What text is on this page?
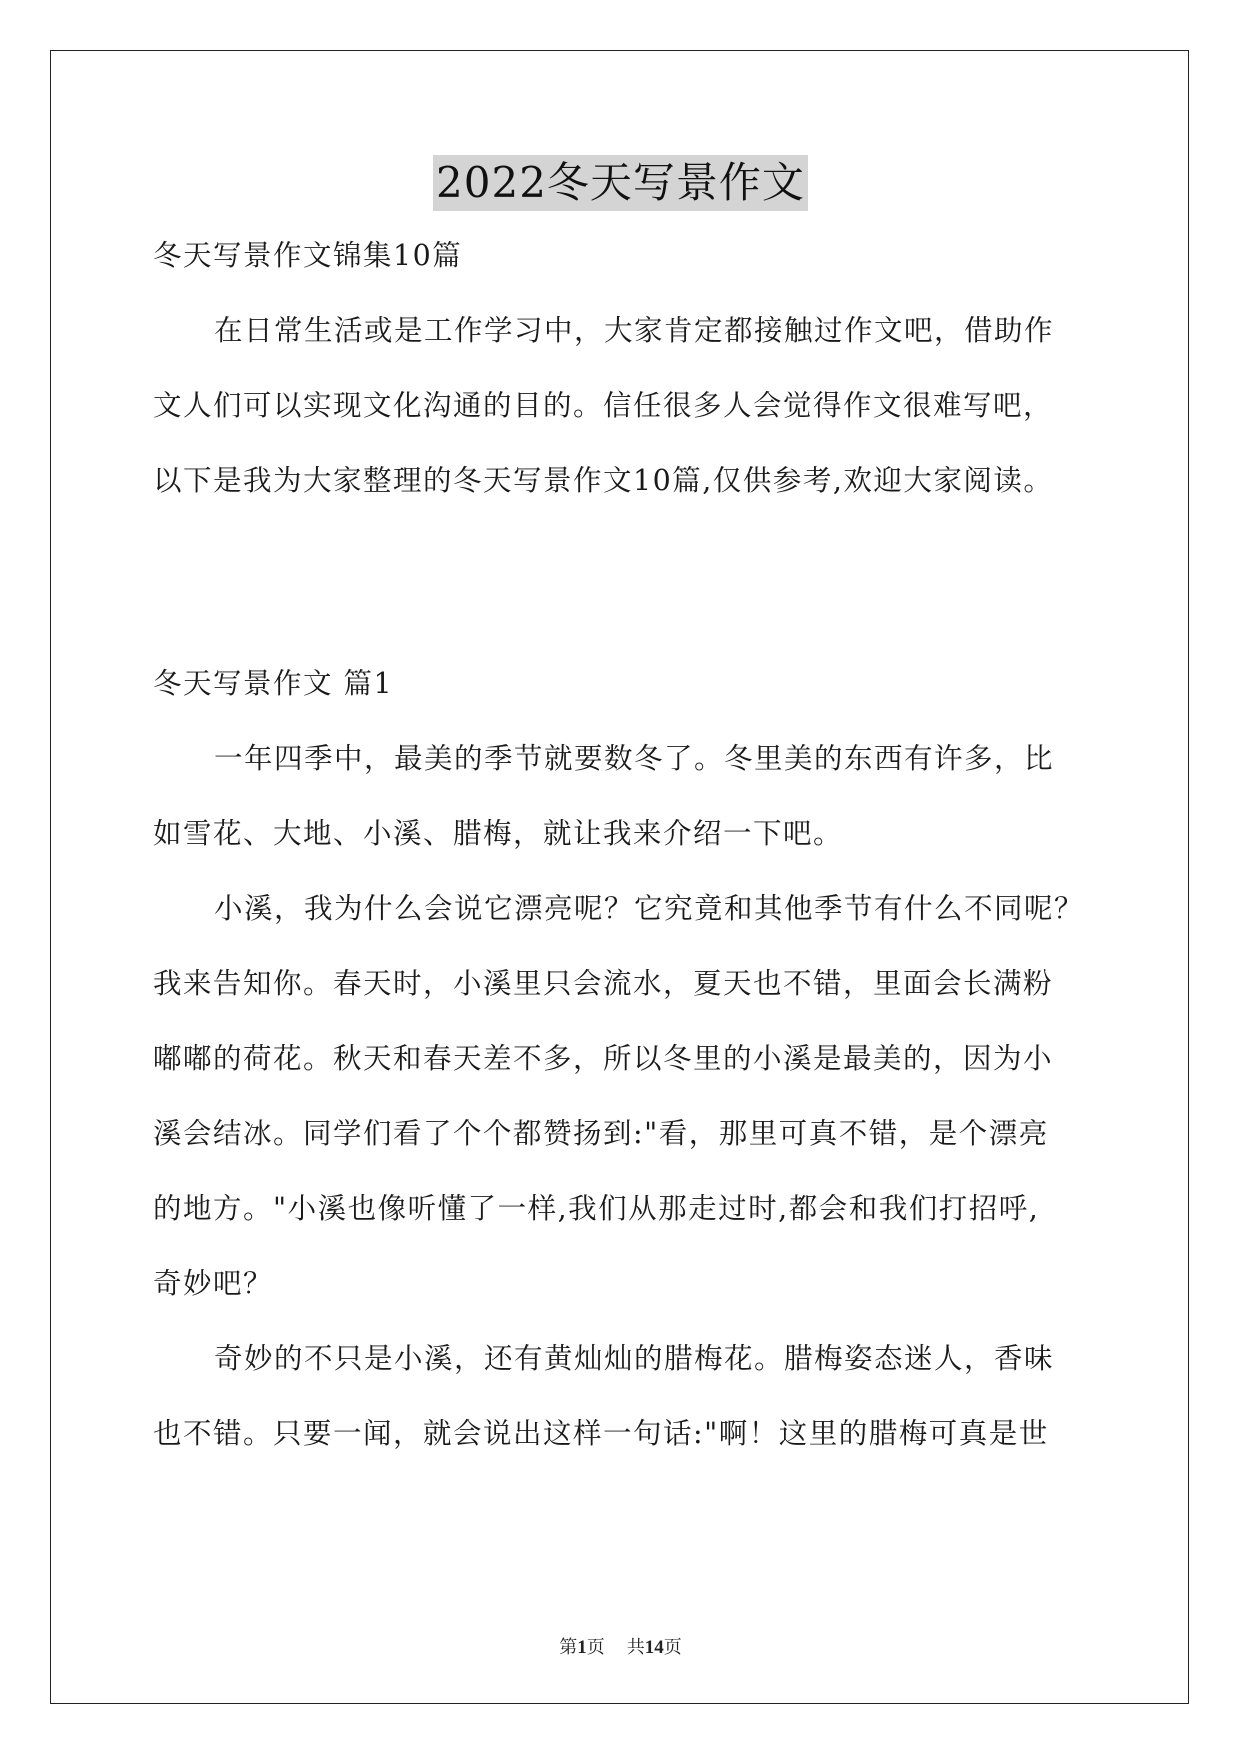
2022冬天写景作文

冬天写景作文锦集10篇

在日常生活或是工作学习中，大家肯定都接触过作文吧，借助作

文人们可以实现文化沟通的目的。信任很多人会觉得作文很难写吧，

以下是我为大家整理的冬天写景作文10篇,仅供参考,欢迎大家阅读。

冬天写景作文 篇1

一年四季中，最美的季节就要数冬了。冬里美的东西有许多，比

如雪花、大地、小溪、腊梅，就让我来介绍一下吧。

小溪，我为什么会说它漂亮呢？它究竟和其他季节有什么不同呢？

我来告知你。春天时，小溪里只会流水，夏天也不错，里面会长满粉

嘟嘟的荷花。秋天和春天差不多，所以冬里的小溪是最美的，因为小

溪会结冰。同学们看了个个都赞扬到:"看，那里可真不错，是个漂亮

的地方。"小溪也像听懂了一样,我们从那走过时,都会和我们打招呼,

奇妙吧？

奇妙的不只是小溪，还有黄灿灿的腊梅花。腊梅姿态迷人，香味

也不错。只要一闻，就会说出这样一句话:"啊！这里的腊梅可真是世

第1页 共14页
